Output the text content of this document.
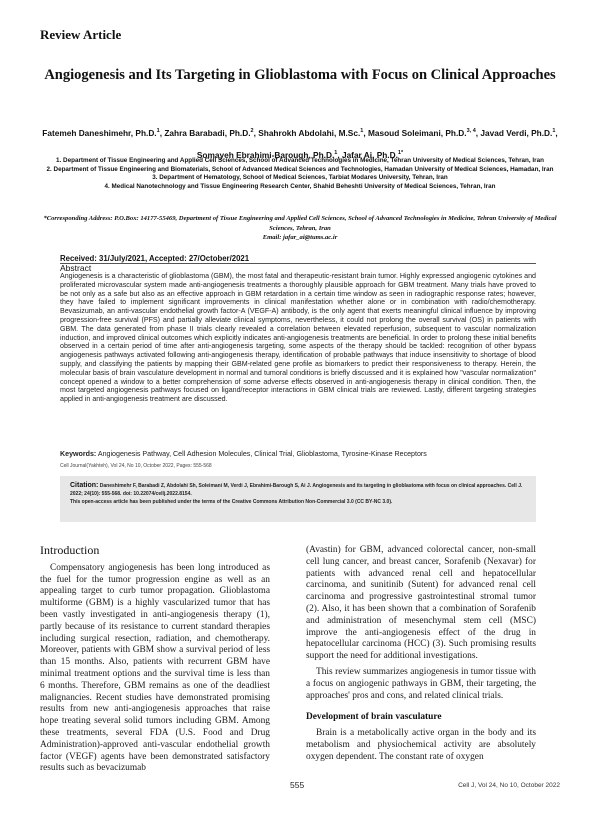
Review Article
Angiogenesis and Its Targeting in Glioblastoma with Focus on Clinical Approaches
Fatemeh Daneshimehr, Ph.D.$^1$, Zahra Barabadi, Ph.D.$^2$, Shahrokh Abdolahi, M.Sc.$^1$, Masoud Soleimani, Ph.D.$^{3, 4}$, Javad Verdi, Ph.D.$^1$, Somayeh Ebrahimi-Barough, Ph.D.$^1$, Jafar Ai, Ph.D.$^{1*}$
1. Department of Tissue Engineering and Applied Cell Sciences, School of Advanced Technologies in Medicine, Tehran University of Medical Sciences, Tehran, Iran
2. Department of Tissue Engineering and Biomaterials, School of Advanced Medical Sciences and Technologies, Hamadan University of Medical Sciences, Hamadan, Iran
3. Department of Hematology, School of Medical Sciences, Tarbiat Modares University, Tehran, Iran
4. Medical Nanotechnology and Tissue Engineering Research Center, Shahid Beheshti University of Medical Sciences, Tehran, Iran
*Corresponding Address: P.O.Box: 14177-55469, Department of Tissue Engineering and Applied Cell Sciences, School of Advanced Technologies in Medicine, Tehran University of Medical Sciences, Tehran, Iran
Email: jafar_ai@tums.ac.ir
Received: 31/July/2021, Accepted: 27/October/2021
Abstract
Angiogenesis is a characteristic of glioblastoma (GBM), the most fatal and therapeutic-resistant brain tumor. Highly expressed angiogenic cytokines and proliferated microvascular system made anti-angiogenesis treatments a thoroughly plausible approach for GBM treatment. Many trials have proved to be not only as a safe but also as an effective approach in GBM retardation in a certain time window as seen in radiographic response rates; however, they have failed to implement significant improvements in clinical manifestation whether alone or in combination with radio/chemotherapy. Bevasizumab, an anti-vascular endothelial growth factor-A (VEGF-A) antibody, is the only agent that exerts meaningful clinical influence by improving progression-free survival (PFS) and partially alleviate clinical symptoms, nevertheless, it could not prolong the overall survival (OS) in patients with GBM. The data generated from phase II trials clearly revealed a correlation between elevated reperfusion, subsequent to vascular normalization induction, and improved clinical outcomes which explicitly indicates anti-angiogenesis treatments are beneficial. In order to prolong these initial benefits observed in a certain period of time after anti-angiogenesis targeting, some aspects of the therapy should be tackled: recognition of other bypass angiogenesis pathways activated following anti-angiogenesis therapy, identification of probable pathways that induce insensitivity to shortage of blood supply, and classifying the patients by mapping their GBM-related gene profile as biomarkers to predict their responsiveness to therapy. Herein, the molecular basis of brain vasculature development in normal and tumoral conditions is briefly discussed and it is explained how "vascular normalization" concept opened a window to a better comprehension of some adverse effects observed in anti-angiogenesis therapy in clinical condition. Then, the most targeted angiogenesis pathways focused on ligand/receptor interactions in GBM clinical trials are reviewed. Lastly, different targeting strategies applied in anti-angiogenesis treatment are discussed.
Keywords: Angiogenesis Pathway, Cell Adhesion Molecules, Clinical Trial, Glioblastoma, Tyrosine-Kinase Receptors
Cell Journal(Yakhteh), Vol 24, No 10, October 2022, Pages: 555-568
Citation: Daneshimehr F, Barabadi Z, Abdolahi Sh, Soleimani M, Verdi J, Ebrahimi-Barough S, Ai J. Angiogenesis and its targeting in glioblastoma with focus on clinical approaches. Cell J. 2022; 24(10): 555-568. doi: 10.22074/cellj.2022.8154.
This open-access article has been published under the terms of the Creative Commons Attribution Non-Commercial 3.0 (CC BY-NC 3.0).
Introduction

Compensatory angiogenesis has been long introduced as the fuel for the tumor progression engine as well as an appealing target to curb tumor propagation. Glioblastoma multiforme (GBM) is a highly vascularized tumor that has been vastly investigated in anti-angiogenesis therapy (1), partly because of its resistance to current standard therapies including surgical resection, radiation, and chemotherapy. Moreover, patients with GBM show a survival period of less than 15 months. Also, patients with recurrent GBM have minimal treatment options and the survival time is less than 6 months. Therefore, GBM remains as one of the deadliest malignancies. Recent studies have demonstrated promising results from new anti-angiogenesis approaches that raise hope treating several solid tumors including GBM. Among these treatments, several FDA (U.S. Food and Drug Administration)-approved anti-vascular endothelial growth factor (VEGF) agents have been demonstrated satisfactory results such as bevacizumab

(Avastin) for GBM, advanced colorectal cancer, non-small cell lung cancer, and breast cancer, Sorafenib (Nexavar) for patients with advanced renal cell and hepatocellular carcinoma, and sunitinib (Sutent) for advanced renal cell carcinoma and progressive gastrointestinal stromal tumor (2). Also, it has been shown that a combination of Sorafenib and administration of mesenchymal stem cell (MSC) improve the anti-angiogenesis effect of the drug in hepatocellular carcinoma (HCC) (3). Such promising results support the need for additional investigations.

This review summarizes angiogenesis in tumor tissue with a focus on angiogenic pathways in GBM, their targeting, the approaches' pros and cons, and related clinical trials.

Development of brain vasculature

Brain is a metabolically active organ in the body and its metabolism and physiochemical activity are absolutely oxygen dependent. The constant rate of oxygen

555	Cell J, Vol 24, No 10, October 2022
